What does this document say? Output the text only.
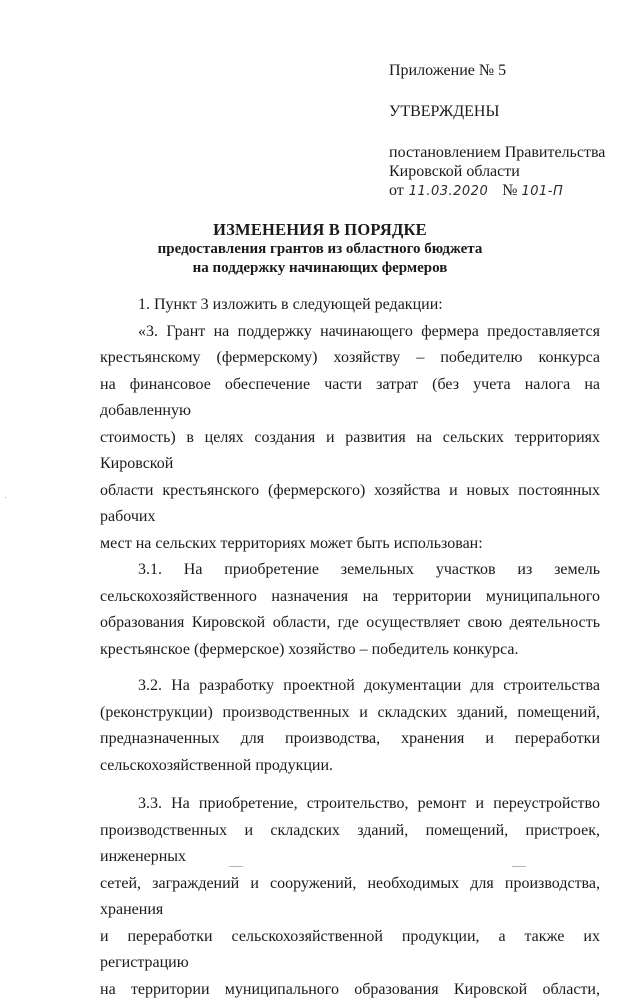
Приложение № 5

УТВЕРЖДЕНЫ

постановлением Правительства
Кировской области
от 11.03.2020 № 101-П

ИЗМЕНЕНИЯ В ПОРЯДКЕ

предоставления грантов из областного бюджета

на поддержку начинающих фермеров

1. Пункт 3 изложить в следующей редакции:

«3. Грант на поддержку начинающего фермера предоставляется
крестьянскому (фермерскому) хозяйству – победителю конкурса
на финансовое обеспечение части затрат (без учета налога на добавленную
стоимость) в целях создания и развития на сельских территориях Кировской
области крестьянского (фермерского) хозяйства и новых постоянных рабочих
мест на сельских территориях может быть использован:
3.1. На приобретение земельных участков из земель
сельскохозяйственного назначения на территории муниципального
образования Кировской области, где осуществляет свою деятельность
крестьянское (фермерское) хозяйство – победитель конкурса.
3.2. На разработку проектной документации для строительства
(реконструкции) производственных и складских зданий, помещений,
предназначенных для производства, хранения и переработки
сельскохозяйственной продукции.
3.3. На приобретение, строительство, ремонт и переустройство
производственных и складских зданий, помещений, пристроек, инженерных
сетей, заграждений и сооружений, необходимых для производства, хранения
и переработки сельскохозяйственной продукции, а также их регистрацию
на территории муниципального образования Кировской области,
